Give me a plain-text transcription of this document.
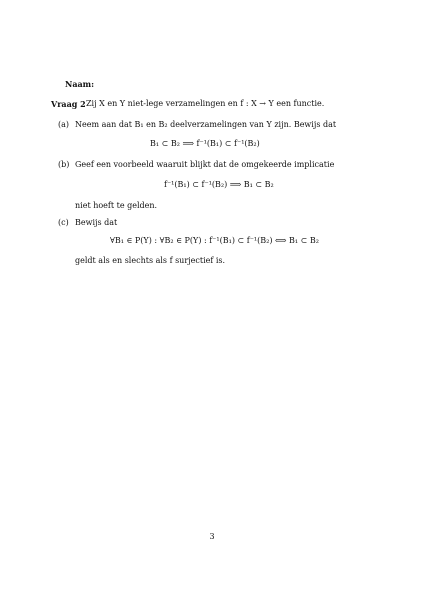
Naam:
Vraag 2 Zij X en Y niet-lege verzamelingen en f : X → Y een functie.
(a) Neem aan dat B₁ en B₂ deelverzamelingen van Y zijn. Bewijs dat
B₁ ⊂ B₂ ⟹ f⁻¹(B₁) ⊂ f⁻¹(B₂)
(b) Geef een voorbeeld waaruit blijkt dat de omgekeerde implicatie
f⁻¹(B₁) ⊂ f⁻¹(B₂) ⟹ B₁ ⊂ B₂
niet hoeft te gelden.
(c) Bewijs dat
∀B₁ ∈ P(Y) : ∀B₂ ∈ P(Y) : f⁻¹(B₁) ⊂ f⁻¹(B₂) ⟺ B₁ ⊂ B₂
geldt als en slechts als f surjectief is.
3
